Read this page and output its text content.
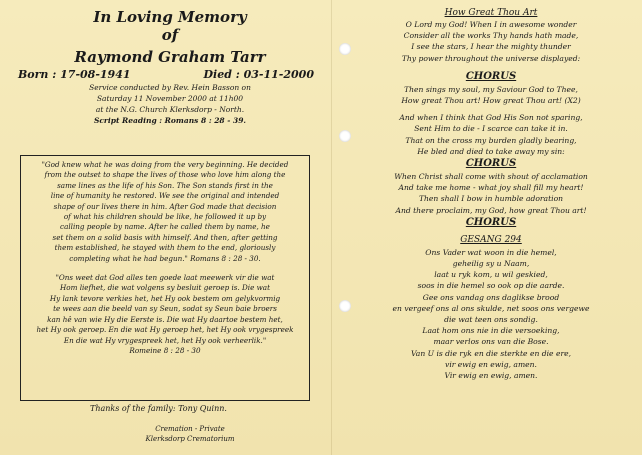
In Loving Memory
of
Raymond Graham Tarr
Born : 17-08-1941	Died : 03-11-2000
Service conducted by Rev. Hein Basson on
Saturday 11 November 2000 at 11h00
at the N.G. Church Klerksdorp - North.
Script Reading : Romans 8 : 28 - 39.
"God knew what he was doing from the very beginning. He decided
from the outset to shape the lives of those who love him along the
same lines as the life of his Son. The Son stands first in the
line of humanity he restored. We see the original and intended
shape of our lives there in him. After God made that decision
of what his children should be like, he followed it up by
calling people by name. After he called them by name, he
set them on a solid basis with himself. And then, after getting
them established, he stayed with them to the end, gloriously
completing what he had begun." Romans 8 : 28 - 30.
"Ons weet dat God alles ten goede laat meewerk vir die wat
Hom liefhet, die wat volgens sy besluit geroep is. Die wat
Hy lank tevore verkies het, het Hy ook bestem om gelykvormig
te wees aan die beeld van sy Seun, sodat sy Seun baie broers
kan hê van wie Hy die Eerste is. Die wat Hy daartoe bestem het,
het Hy ook geroep. En die wat Hy geroep het, het Hy ook vrygespreek
En die wat Hy vrygespreek het, het Hy ook verheerlik."
Romeine 8 : 28 - 30
Thanks of the family: Tony Quinn.
Cremation - Private
Klerksdorp Crematorium
How Great Thou Art
O Lord my God! When I in awesome wonder
Consider all the works Thy hands hath made,
I see the stars, I hear the mighty thunder
Thy power throughout the universe displayed:
CHORUS
Then sings my soul, my Saviour God to Thee,
How great Thou art! How great Thou art! (X2)
And when I think that God His Son not sparing,
Sent Him to die - I scarce can take it in.
That on the cross my burden gladly bearing,
He bled and died to take away my sin:
CHORUS
When Christ shall come with shout of acclamation
And take me home - what joy shall fill my heart!
Then shall I bow in humble adoration
And there proclaim, my God, how great Thou art!
CHORUS
GESANG 294
Ons Vader wat woon in die hemel,
geheilig sy u Naam,
laat u ryk kom, u wil geskied,
soos in die hemel so ook op die aarde.
Gee ons vandag ons daglikse brood
en vergeef ons al ons skulde, net soos ons vergewe
die wat teen ons sondig.
Laat hom ons nie in die versoeking,
maar verlos ons van die Bose.
Van U is die ryk en die sterkte en die ere,
vir ewig en ewig, amen.
Vir ewig en ewig, amen.
